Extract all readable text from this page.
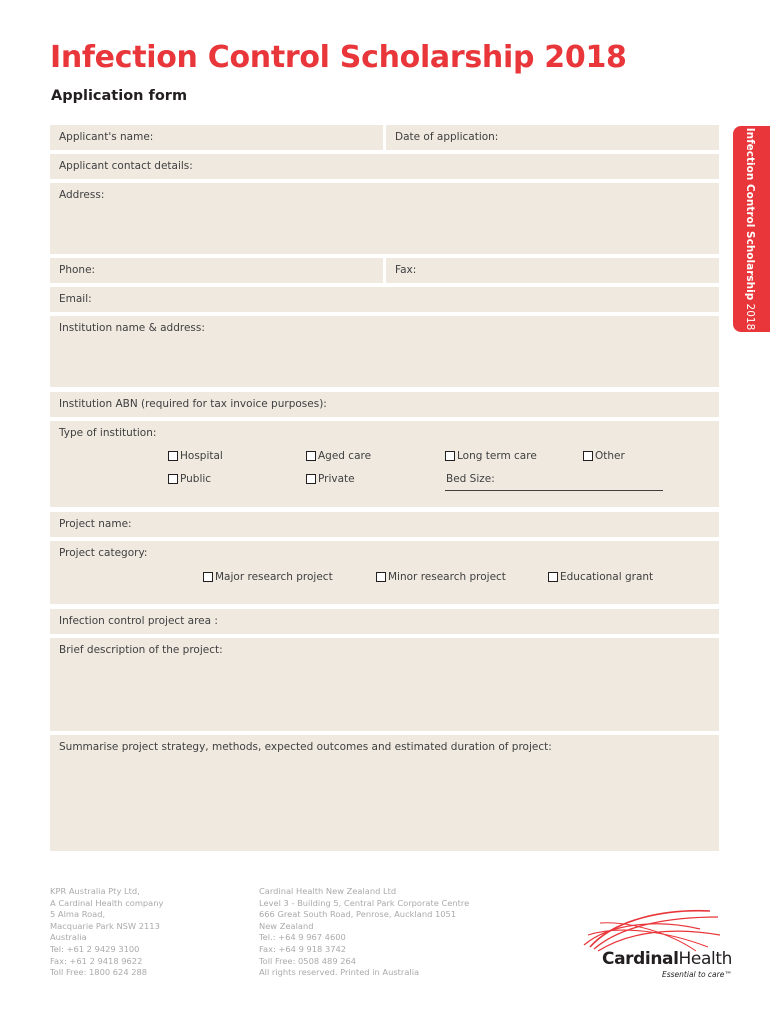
Infection Control Scholarship 2018
Application form
Infection Control Scholarship 2018
Applicant's name:	Date of application:
Applicant contact details:
Address:
Phone:	Fax:
Email:
Institution name & address:
Institution ABN (required for tax invoice purposes):
Type of institution:
Hospital	Aged care	Long term care	Other
Public	Private	Bed Size:
Project name:
Project category:
Major research project	Minor research project	Educational grant
Infection control project area :
Brief description of the project:
Summarise project strategy, methods, expected outcomes and estimated duration of project:
KPR Australia Pty Ltd,
A Cardinal Health company
5 Alma Road,
Macquarie Park NSW 2113
Australia
Tel: +61 2 9429 3100
Fax: +61 2 9418 9622
Toll Free: 1800 624 288
Cardinal Health New Zealand Ltd
Level 3 - Building 5, Central Park Corporate Centre
666 Great South Road, Penrose, Auckland 1051
New Zealand
Tel.: +64 9 967 4600
Fax: +64 9 918 3742
Toll Free: 0508 489 264
All rights reserved. Printed in Australia
CardinalHealth
Essential to care™
